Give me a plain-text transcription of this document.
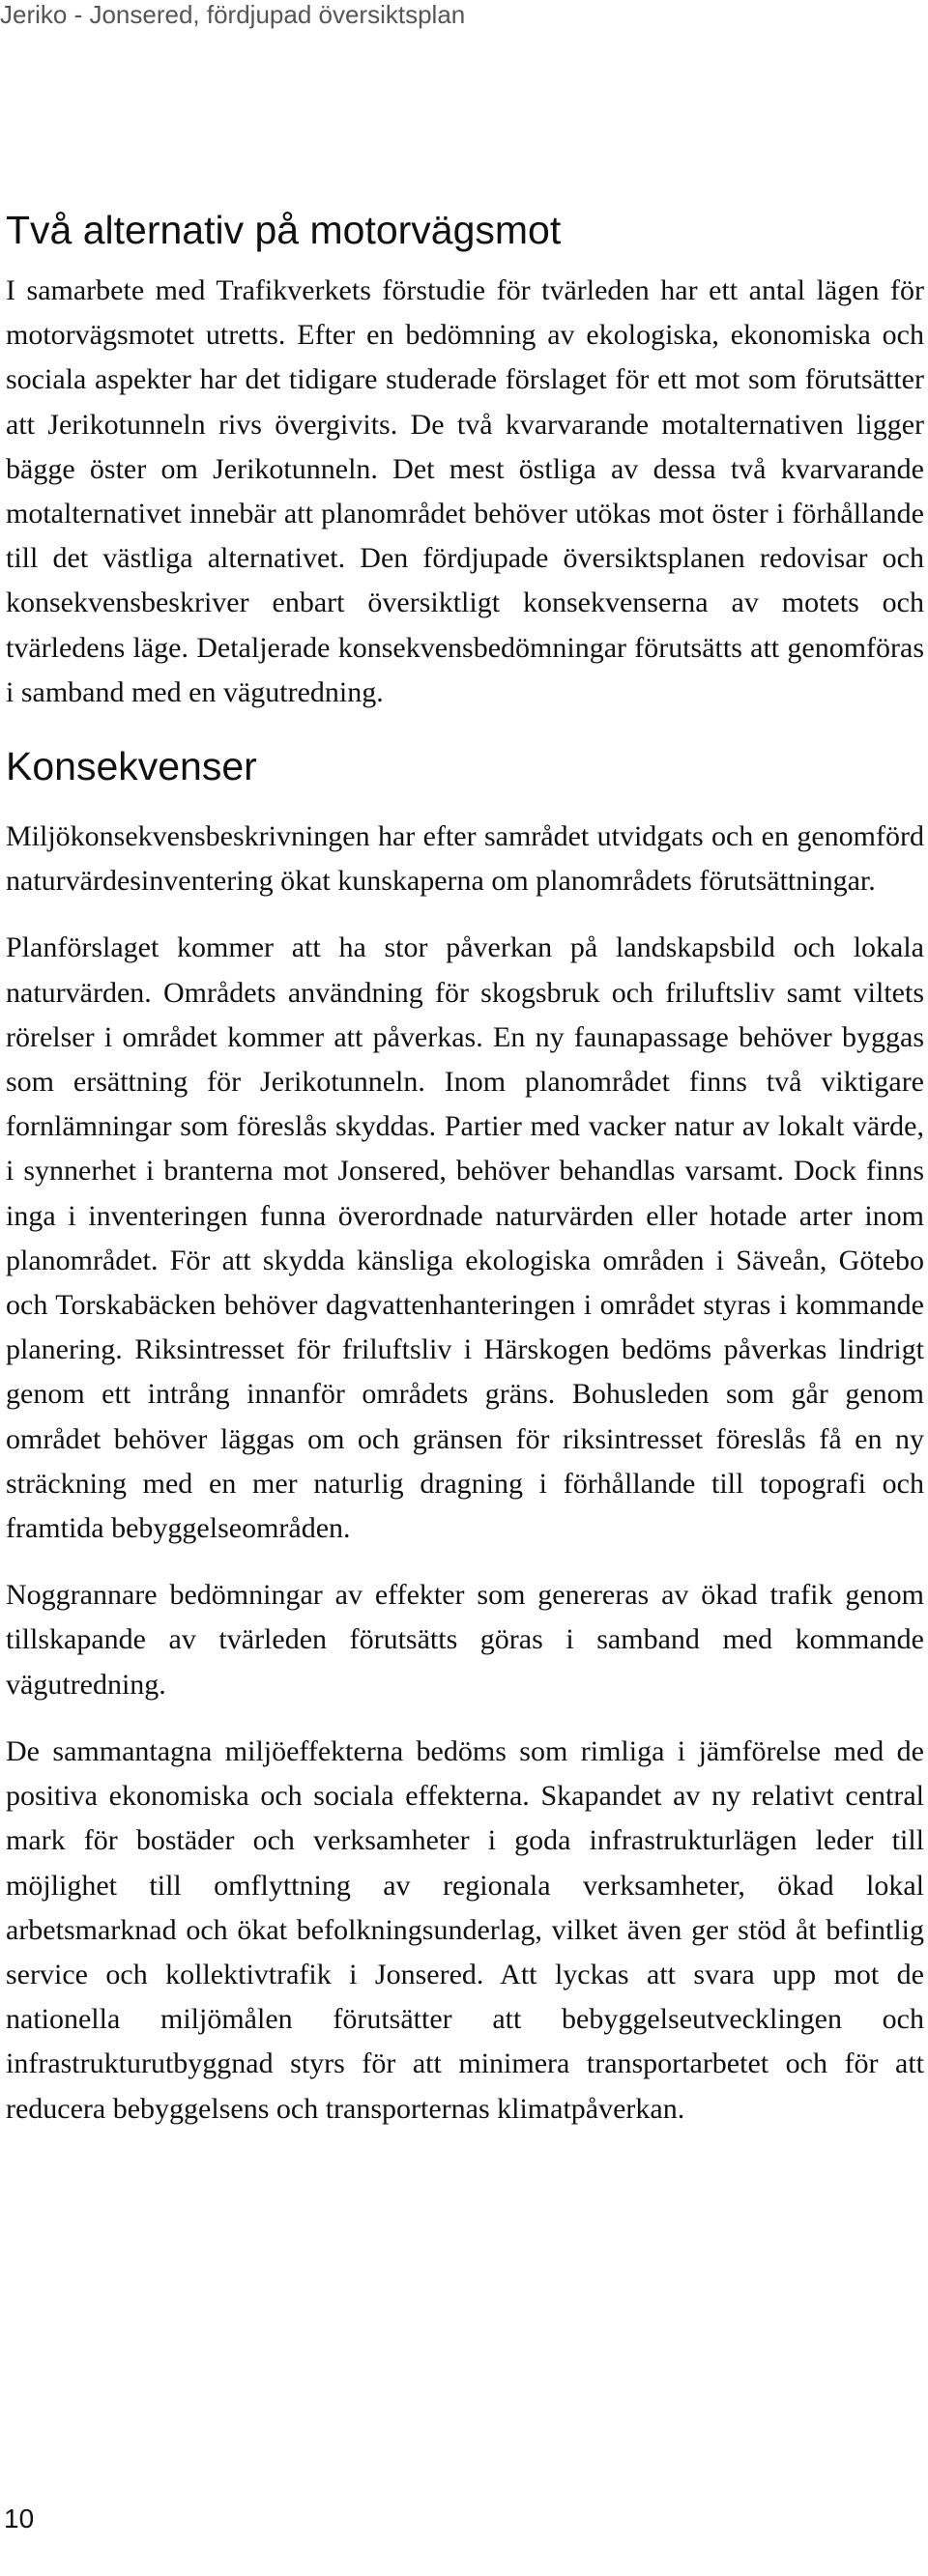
Jeriko - Jonsered, fördjupad översiktsplan
Två alternativ på motorvägsmot

I samarbete med Trafikverkets förstudie för tvärleden har ett antal lägen för motorvägsmotet utretts. Efter en bedömning av ekologiska, ekonomiska och sociala aspekter har det tidigare studerade förslaget för ett mot som förutsätter att Jerikotunneln rivs övergivits. De två kvarvarande motalternativen ligger bägge öster om Jerikotunneln. Det mest östliga av dessa två kvarvarande motalternativet innebär att planområdet behöver utökas mot öster i förhållande till det västliga alternativet. Den fördjupade översiktsplanen redovisar och konsekvensbeskriver enbart översiktligt konsekvenserna av motets och tvärledens läge. Detaljerade konsekvensbedömningar förutsätts att genomföras i samband med en vägutredning.

Konsekvenser

Miljökonsekvensbeskrivningen har efter samrådet utvidgats och en genomförd naturvärdesinventering ökat kunskaperna om planområdets förutsättningar.

Planförslaget kommer att ha stor påverkan på landskapsbild och lokala naturvärden. Områdets användning för skogsbruk och friluftsliv samt viltets rörelser i området kommer att påverkas. En ny faunapassage behöver byggas som ersättning för Jerikotunneln. Inom planområdet finns två viktigare fornlämningar som föreslås skyddas. Partier med vacker natur av lokalt värde, i synnerhet i branterna mot Jonsered, behöver behandlas varsamt. Dock finns inga i inventeringen funna överordnade naturvärden eller hotade arter inom planområdet. För att skydda känsliga ekologiska områden i Säveån, Götebo och Torskabäcken behöver dagvattenhanteringen i området styras i kommande planering. Riksintresset för friluftsliv i Härskogen bedöms påverkas lindrigt genom ett intrång innanför områdets gräns. Bohusleden som går genom området behöver läggas om och gränsen för riksintresset föreslås få en ny sträckning med en mer naturlig dragning i förhållande till topografi och framtida bebyggelseområden.

Noggrannare bedömningar av effekter som genereras av ökad trafik genom tillskapande av tvärleden förutsätts göras i samband med kommande vägutredning.

De sammantagna miljöeffekterna bedöms som rimliga i jämförelse med de positiva ekonomiska och sociala effekterna. Skapandet av ny relativt central mark för bostäder och verksamheter i goda infrastrukturlägen leder till möjlighet till omflyttning av regionala verksamheter, ökad lokal arbetsmarknad och ökat befolkningsunderlag, vilket även ger stöd åt befintlig service och kollektivtrafik i Jonsered. Att lyckas att svara upp mot de nationella miljömålen förutsätter att bebyggelseutvecklingen och infrastrukturutbyggnad styrs för att minimera transportarbetet och för att reducera bebyggelsens och transporternas klimatpåverkan.

10
